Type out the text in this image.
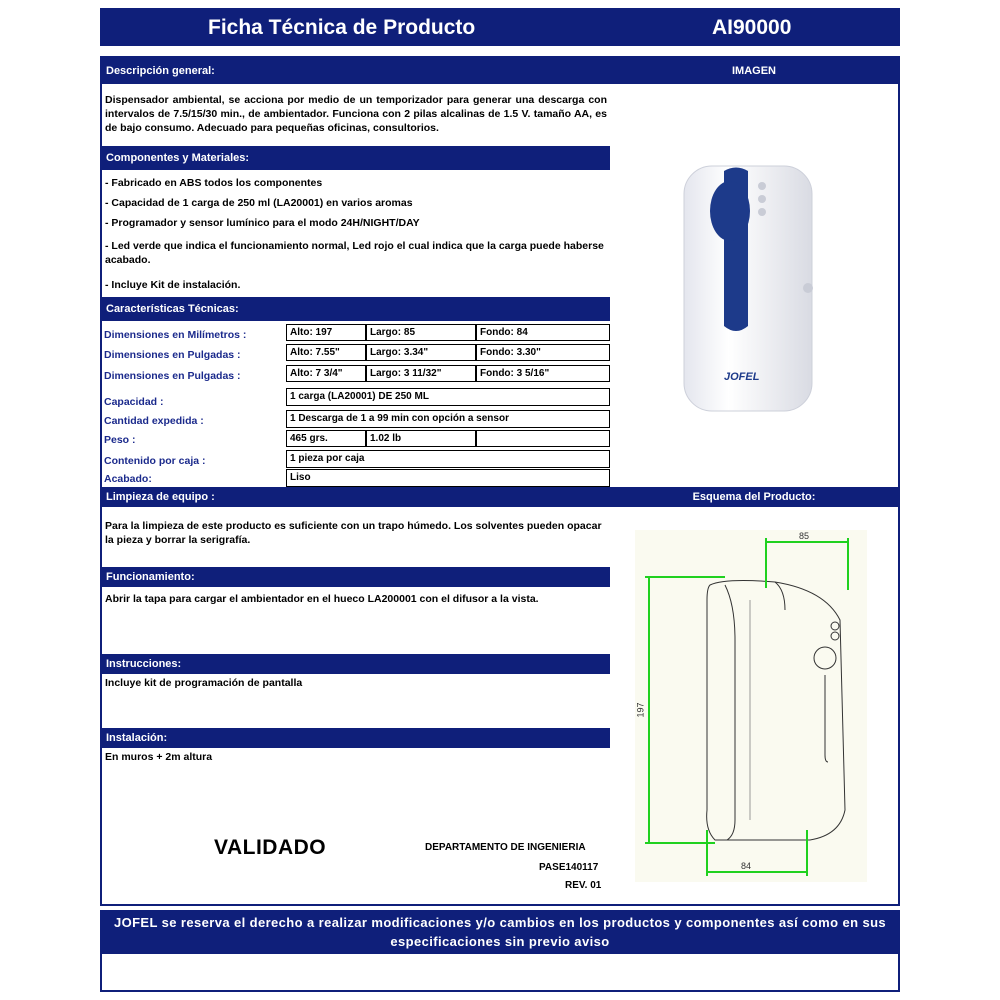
Ficha Técnica de Producto	AI90000
Descripción general:	IMAGEN
Dispensador ambiental, se acciona por medio de un temporizador para generar una descarga con intervalos de 7.5/15/30 min., de ambientador. Funciona con 2 pilas alcalinas de 1.5 V. tamaño AA, es de bajo consumo. Adecuado para pequeñas oficinas, consultorios.
JOFEL
Componentes y Materiales:
- Fabricado en ABS todos los componentes
- Capacidad de 1 carga de 250 ml (LA20001) en varios aromas
- Programador y sensor lumínico para el modo 24H/NIGHT/DAY
- Led verde que indica el funcionamiento normal, Led rojo el cual indica que la carga puede haberse acabado.
- Incluye Kit de instalación.
Características Técnicas:
Dimensiones en Milímetros :	Alto: 197	Largo: 85	Fondo: 84
Dimensiones en Pulgadas :	Alto: 7.55"	Largo: 3.34"	Fondo: 3.30"
Dimensiones en Pulgadas :	Alto: 7 3/4"	Largo: 3 11/32"	Fondo: 3 5/16"
Capacidad :	1 carga (LA20001) DE 250 ML
Cantidad expedida :	1 Descarga de 1 a 99 min con opción a sensor
Peso :	465 grs.	1.02 lb
Contenido por caja :	1 pieza por caja
Acabado:	Liso
Limpieza de equipo :	Esquema del Producto:
Para la limpieza de este producto es suficiente con un trapo húmedo. Los solventes pueden opacar la pieza y borrar la serigrafía.	85
197
84
Funcionamiento:
Abrir la tapa para cargar el ambientador en el hueco LA200001 con el difusor a la vista.
Instrucciones:
Incluye kit de programación de pantalla
Instalación:
En muros + 2m altura
VALIDADO	DEPARTAMENTO DE INGENIERIA
PASE140117
REV. 01
JOFEL se reserva el derecho a realizar modificaciones y/o cambios en los productos y componentes así como en sus especificaciones sin previo aviso
